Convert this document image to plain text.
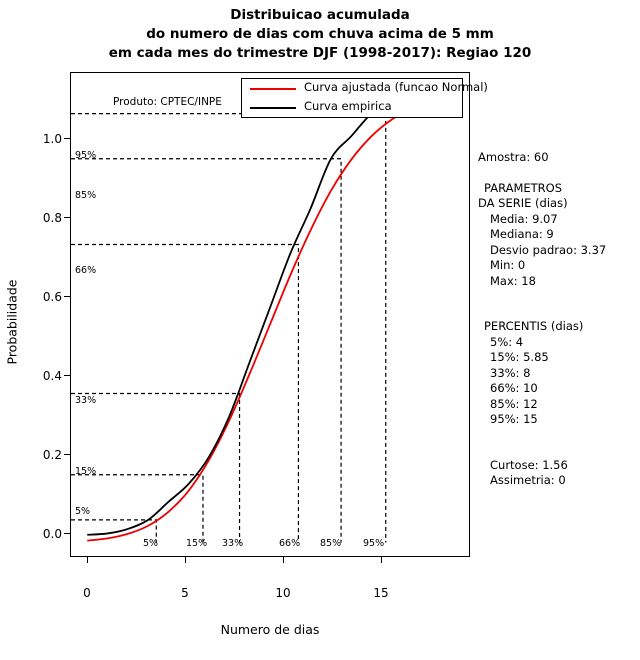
Distribuicao acumulada
do numero de dias com chuva acima de 5 mm
em cada mes do trimestre DJF (1998-2017): Regiao 120
Probabilidade
Numero de dias
0.0
0.2
0.4
0.6
0.8
1.0
0	5	10	15
Produto: CPTEC/INPE
Curva ajustada (funcao Normal)
Curva empirica
5%
15%
33%
66%
85%
95%
5%	15% 33%	66% 85% 95%
Amostra: 60
PARAMETROS
DA SERIE (dias)
Media: 9.07
Mediana: 9
Desvio padrao: 3.37
Min: 0
Max: 18
PERCENTIS (dias)
5%: 4
15%: 5.85
33%: 8
66%: 10
85%: 12
95%: 15
Curtose: 1.56
Assimetria: 0
